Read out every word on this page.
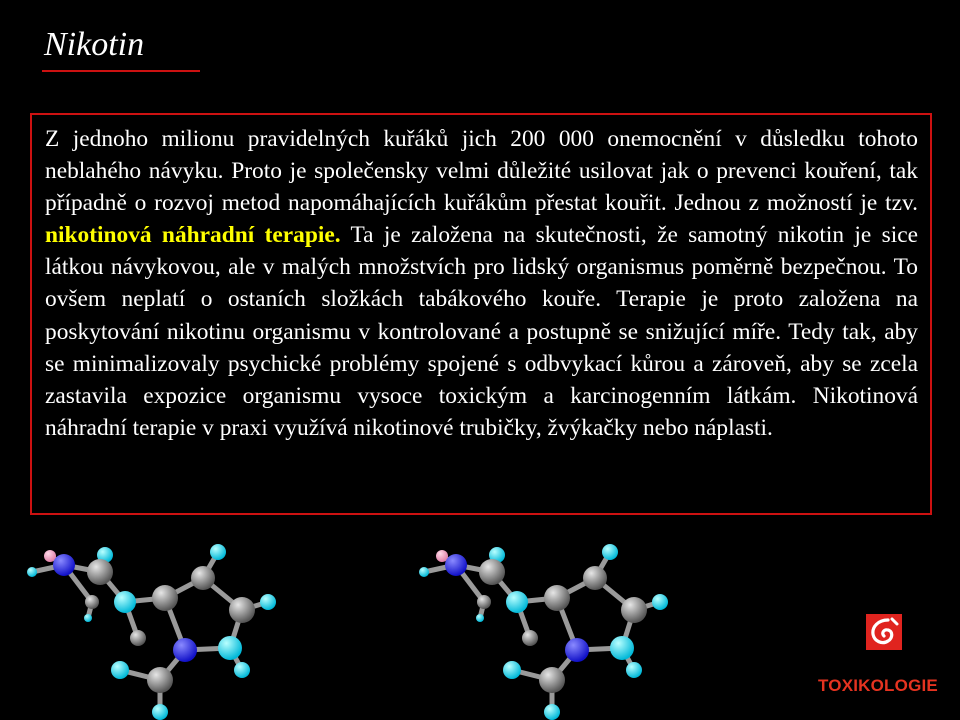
Nikotin

Z jednoho milionu pravidelných kuřáků jich 200 000 onemocnění v důsledku tohoto neblahého návyku. Proto je společensky velmi důležité usilovat jak o prevenci kouření, tak případně o rozvoj metod napomáhajících kuřákům přestat kouřit. Jednou z možností je tzv. nikotinová náhradní terapie. Ta je založena na skutečnosti, že samotný nikotin je sice látkou návykovou, ale v malých množstvích pro lidský organismus poměrně bezpečnou. To ovšem neplatí o ostaních složkách tabákového kouře. Terapie je proto založena na poskytování nikotinu organismu v kontrolované a postupně se snižující míře. Tedy tak, aby se minimalizovaly psychické problémy spojené s odbvykací kůrou a zároveň, aby se zcela zastavila expozice organismu vysoce toxickým a karcinogenním látkám. Nikotinová náhradní terapie v praxi využívá nikotinové trubičky, žvýkačky nebo náplasti.

TOXIKOLOGIE
